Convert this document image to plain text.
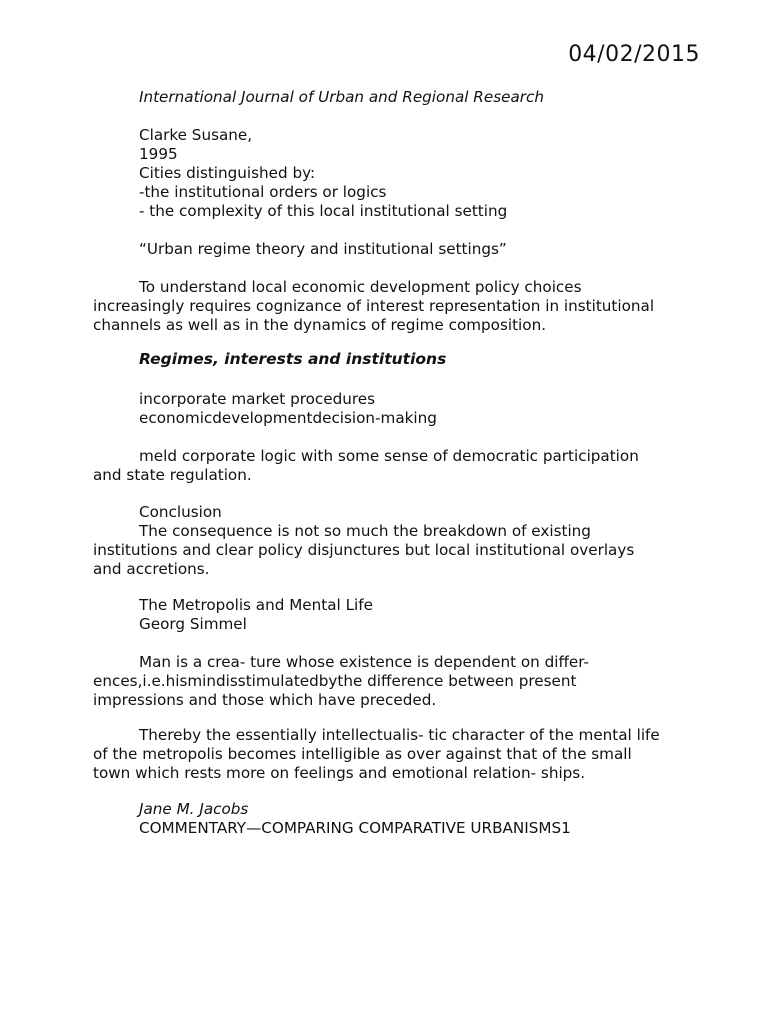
04/02/2015
International Journal of Urban and Regional Research
Clarke Susane,
1995
Cities distinguished by:
-the institutional orders or logics
- the complexity of this local institutional setting
“Urban regime theory and institutional settings”
To understand local economic development policy choices
increasingly requires cognizance of interest representation in institutional
channels as well as in the dynamics of regime composition.
Regimes, interests and institutions
incorporate market procedures
economicdevelopmentdecision-making
meld corporate logic with some sense of democratic participation
and state regulation.
Conclusion
The consequence is not so much the breakdown of existing
institutions and clear policy disjunctures but local institutional overlays
and accretions.
The Metropolis and Mental Life
Georg Simmel
Man is a crea- ture whose existence is dependent on differ-
ences,i.e.hismindisstimulatedbythe difference between present
impressions and those which have preceded.
Thereby the essentially intellectualis- tic character of the mental life
of the metropolis becomes intelligible as over against that of the small
town which rests more on feelings and emotional relation- ships.
Jane M. Jacobs
COMMENTARY—COMPARING COMPARATIVE URBANISMS1
